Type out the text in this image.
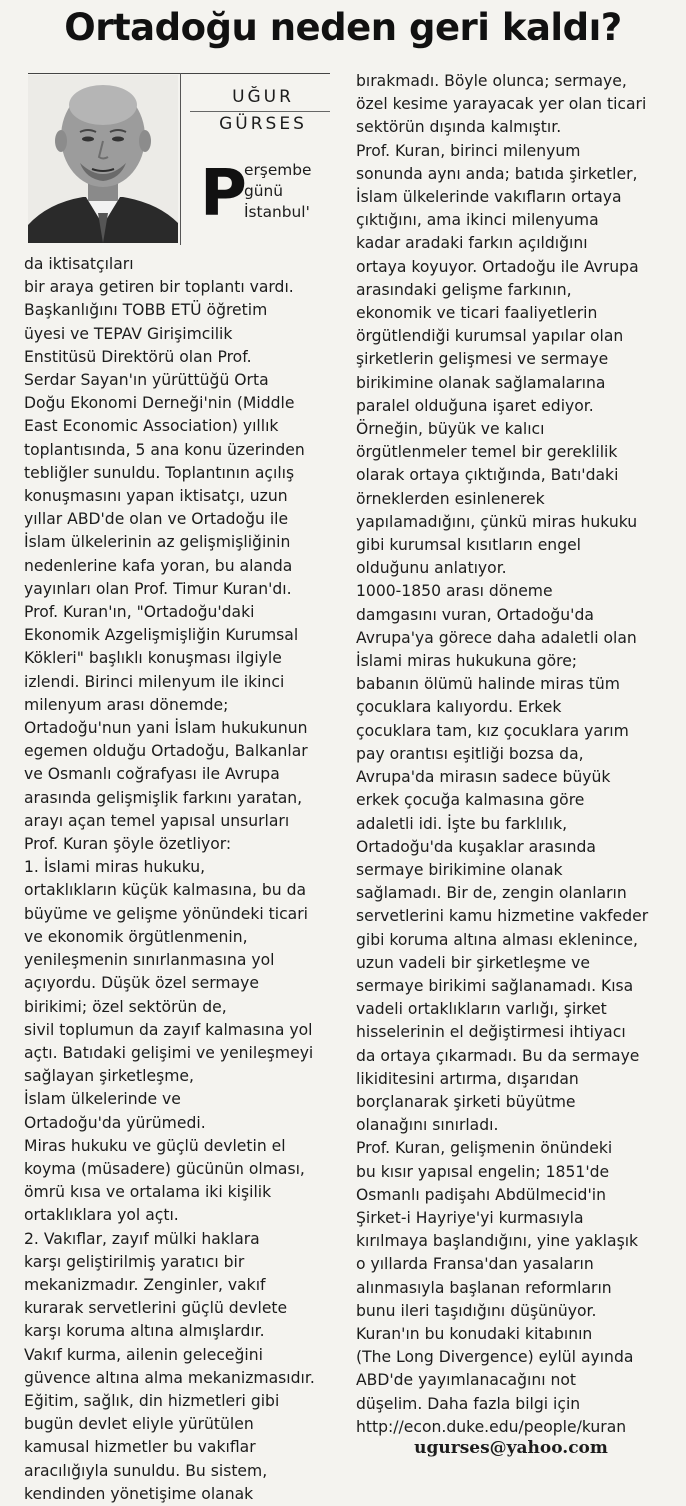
Ortadoğu neden geri kaldı?
UĞUR
GÜRSES
P
erşembe
günü
İstanbul'
da iktisatçıları
bir araya getiren bir toplantı vardı.
Başkanlığını TOBB ETÜ öğretim
üyesi ve TEPAV Girişimcilik
Enstitüsü Direktörü olan Prof.
Serdar Sayan'ın yürüttüğü Orta
Doğu Ekonomi Derneği'nin (Middle
East Economic Association) yıllık
toplantısında, 5 ana konu üzerinden
tebliğler sunuldu. Toplantının açılış
konuşmasını yapan iktisatçı, uzun
yıllar ABD'de olan ve Ortadoğu ile
İslam ülkelerinin az gelişmişliğinin
nedenlerine kafa yoran, bu alanda
yayınları olan Prof. Timur Kuran'dı.
Prof. Kuran'ın, "Ortadoğu'daki
Ekonomik Azgelişmişliğin Kurumsal
Kökleri" başlıklı konuşması ilgiyle
izlendi. Birinci milenyum ile ikinci
milenyum arası dönemde;
Ortadoğu'nun yani İslam hukukunun
egemen olduğu Ortadoğu, Balkanlar
ve Osmanlı coğrafyası ile Avrupa
arasında gelişmişlik farkını yaratan,
arayı açan temel yapısal unsurları
Prof. Kuran şöyle özetliyor:
1. İslami miras hukuku,
ortaklıkların küçük kalmasına, bu da
büyüme ve gelişme yönündeki ticari
ve ekonomik örgütlenmenin,
yenileşmenin sınırlanmasına yol
açıyordu. Düşük özel sermaye
birikimi; özel sektörün de,
sivil toplumun da zayıf kalmasına yol
açtı. Batıdaki gelişimi ve yenileşmeyi
sağlayan şirketleşme,
İslam ülkelerinde ve
Ortadoğu'da yürümedi.
Miras hukuku ve güçlü devletin el
koyma (müsadere) gücünün olması,
ömrü kısa ve ortalama iki kişilik
ortaklıklara yol açtı.
2. Vakıflar, zayıf mülki haklara
karşı geliştirilmiş yaratıcı bir
mekanizmadır. Zenginler, vakıf
kurarak servetlerini güçlü devlete
karşı koruma altına almışlardır.
Vakıf kurma, ailenin geleceğini
güvence altına alma mekanizmasıdır.
Eğitim, sağlık, din hizmetleri gibi
bugün devlet eliyle yürütülen
kamusal hizmetler bu vakıflar
aracılığıyla sunuldu. Bu sistem,
kendinden yönetişime olanak
bırakmadı. Böyle olunca; sermaye,
özel kesime yarayacak yer olan ticari
sektörün dışında kalmıştır.
Prof. Kuran, birinci milenyum
sonunda aynı anda; batıda şirketler,
İslam ülkelerinde vakıfların ortaya
çıktığını, ama ikinci milenyuma
kadar aradaki farkın açıldığını
ortaya koyuyor. Ortadoğu ile Avrupa
arasındaki gelişme farkının,
ekonomik ve ticari faaliyetlerin
örgütlendiği kurumsal yapılar olan
şirketlerin gelişmesi ve sermaye
birikimine olanak sağlamalarına
paralel olduğuna işaret ediyor.
Örneğin, büyük ve kalıcı
örgütlenmeler temel bir gereklilik
olarak ortaya çıktığında, Batı'daki
örneklerden esinlenerek
yapılamadığını, çünkü miras hukuku
gibi kurumsal kısıtların engel
olduğunu anlatıyor.
1000-1850 arası döneme
damgasını vuran, Ortadoğu'da
Avrupa'ya görece daha adaletli olan
İslami miras hukukuna göre;
babanın ölümü halinde miras tüm
çocuklara kalıyordu. Erkek
çocuklara tam, kız çocuklara yarım
pay orantısı eşitliği bozsa da,
Avrupa'da mirasın sadece büyük
erkek çocuğa kalmasına göre
adaletli idi. İşte bu farklılık,
Ortadoğu'da kuşaklar arasında
sermaye birikimine olanak
sağlamadı. Bir de, zengin olanların
servetlerini kamu hizmetine vakfeder
gibi koruma altına alması eklenince,
uzun vadeli bir şirketleşme ve
sermaye birikimi sağlanamadı. Kısa
vadeli ortaklıkların varlığı, şirket
hisselerinin el değiştirmesi ihtiyacı
da ortaya çıkarmadı. Bu da sermaye
likiditesini artırma, dışarıdan
borçlanarak şirketi büyütme
olanağını sınırladı.
Prof. Kuran, gelişmenin önündeki
bu kısır yapısal engelin; 1851'de
Osmanlı padişahı Abdülmecid'in
Şirket-i Hayriye'yi kurmasıyla
kırılmaya başlandığını, yine yaklaşık
o yıllarda Fransa'dan yasaların
alınmasıyla başlanan reformların
bunu ileri taşıdığını düşünüyor.
Kuran'ın bu konudaki kitabının
(The Long Divergence) eylül ayında
ABD'de yayımlanacağını not
düşelim. Daha fazla bilgi için
http://econ.duke.edu/people/kuran
ugurses@yahoo.com
